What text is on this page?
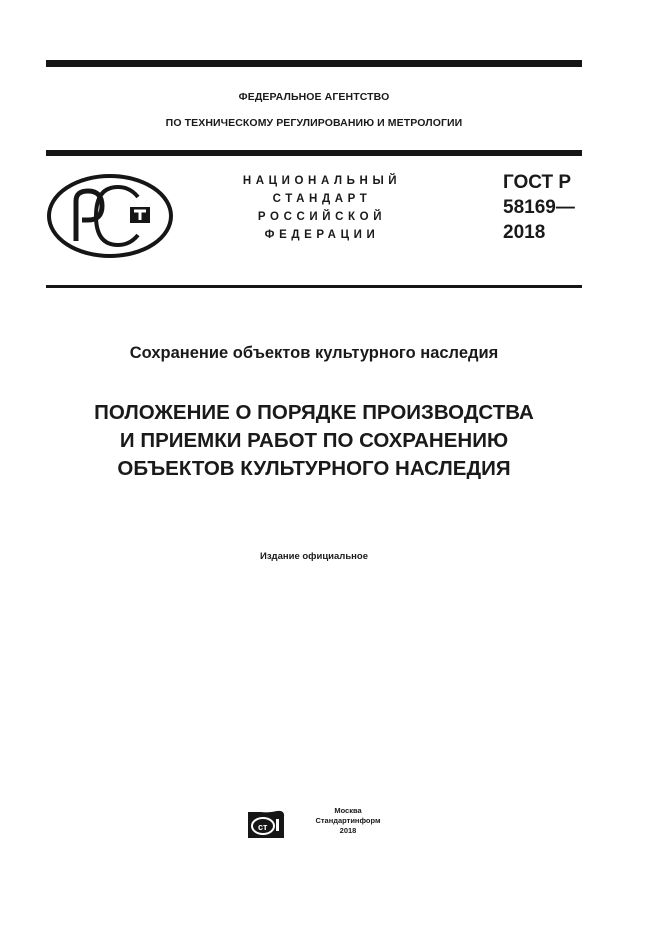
ФЕДЕРАЛЬНОЕ АГЕНТСТВО
ПО ТЕХНИЧЕСКОМУ РЕГУЛИРОВАНИЮ И МЕТРОЛОГИИ
НАЦИОНАЛЬНЫЙ
СТАНДАРТ
РОССИЙСКОЙ
ФЕДЕРАЦИИ
ГОСТ Р
58169—
2018
Сохранение объектов культурного наследия
ПОЛОЖЕНИЕ О ПОРЯДКЕ ПРОИЗВОДСТВА
И ПРИЕМКИ РАБОТ ПО СОХРАНЕНИЮ
ОБЪЕКТОВ КУЛЬТУРНОГО НАСЛЕДИЯ
Издание официальное
ст
Москва
Стандартинформ
2018
